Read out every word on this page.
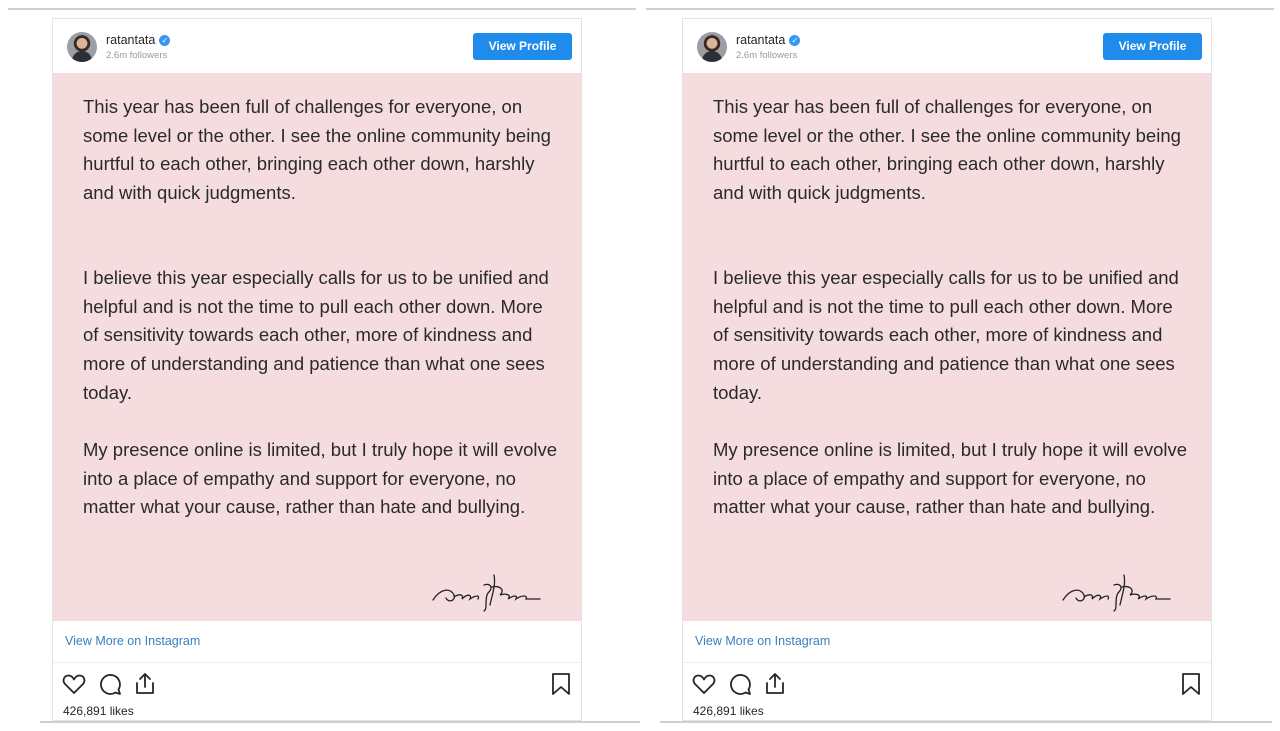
ratantata ✓
2.6m followers
View Profile

This year has been full of challenges for everyone, on some level or the other. I see the online community being hurtful to each other, bringing each other down, harshly and with quick judgments.

I believe this year especially calls for us to be unified and helpful and is not the time to pull each other down. More of sensitivity towards each other, more of kindness and more of understanding and patience than what one sees today.

My presence online is limited, but I truly hope it will evolve into a place of empathy and support for everyone, no matter what your cause, rather than hate and bullying.

View More on Instagram
426,891 likes
ratantata ✓
2.6m followers
View Profile

This year has been full of challenges for everyone, on some level or the other. I see the online community being hurtful to each other, bringing each other down, harshly and with quick judgments.

I believe this year especially calls for us to be unified and helpful and is not the time to pull each other down. More of sensitivity towards each other, more of kindness and more of understanding and patience than what one sees today.

My presence online is limited, but I truly hope it will evolve into a place of empathy and support for everyone, no matter what your cause, rather than hate and bullying.

View More on Instagram
426,891 likes
